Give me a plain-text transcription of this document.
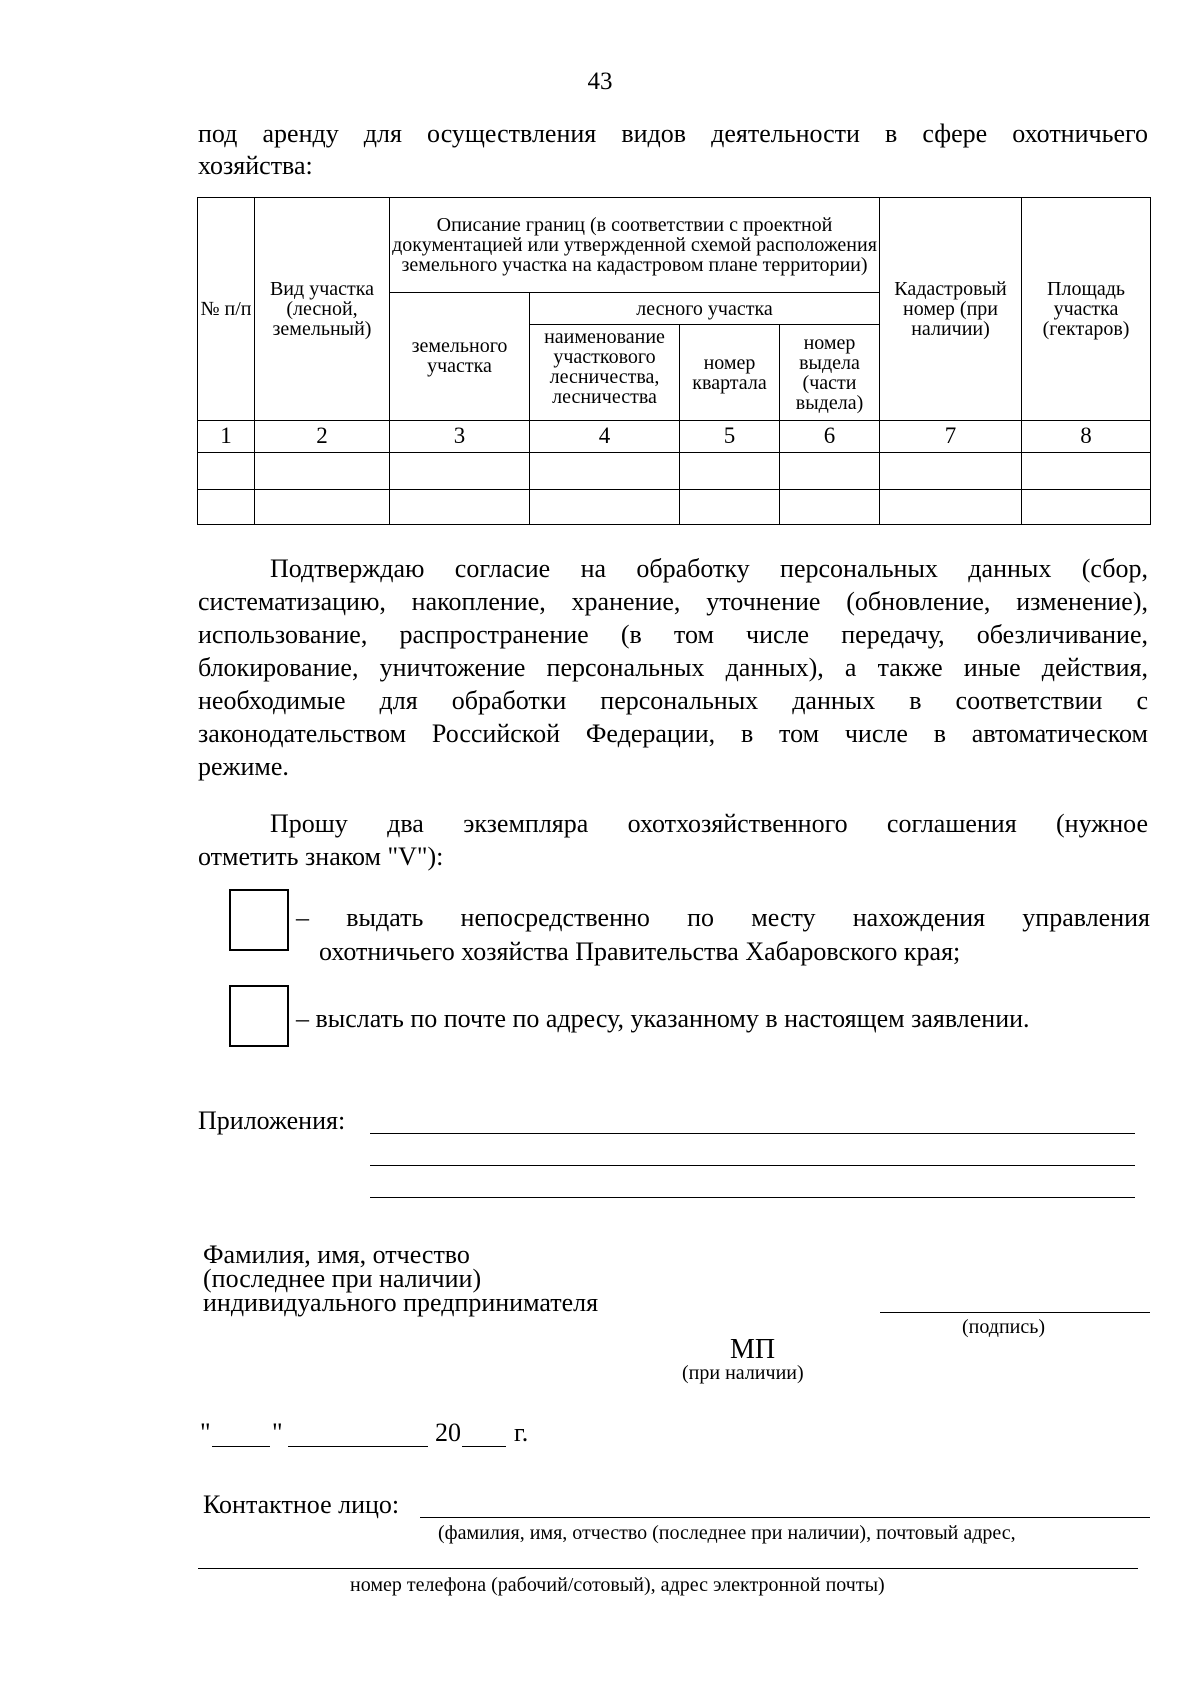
43
под аренду для осуществления видов деятельности в сфере охотничьего
хозяйства:
№ п/п	Вид участка (лесной, земельный)	Описание границ (в соответствии с проектной документацией или утвержденной схемой расположения земельного участка на кадастровом плане территории)				Кадастровый номер (при наличии)	Площадь участка (гектаров)
		земельного участка	лесного участка				
			наименование участкового лесничества, лесничества	номер квартала	номер выдела (части выдела)		
1	2	3	4	5	6	7	8

Подтверждаю согласие на обработку персональных данных (сбор,
систематизацию, накопление, хранение, уточнение (обновление, изменение),
использование, распространение (в том числе передачу, обезличивание,
блокирование, уничтожение персональных данных), а также иные действия,
необходимые для обработки персональных данных в соответствии с
законодательством Российской Федерации, в том числе в автоматическом
режиме.
Прошу два экземпляра охотхозяйственного соглашения (нужное
отметить знаком "V"):
– выдать непосредственно по месту нахождения управления
охотничьего хозяйства Правительства Хабаровского края;
– выслать по почте по адресу, указанному в настоящем заявлении.
Приложения:
Фамилия, имя, отчество
(последнее при наличии)
индивидуального предпринимателя
(подпись)
МП
(при наличии)
" "	20 г.
Контактное лицо:
(фамилия, имя, отчество (последнее при наличии), почтовый адрес,
номер телефона (рабочий/сотовый), адрес электронной почты)
